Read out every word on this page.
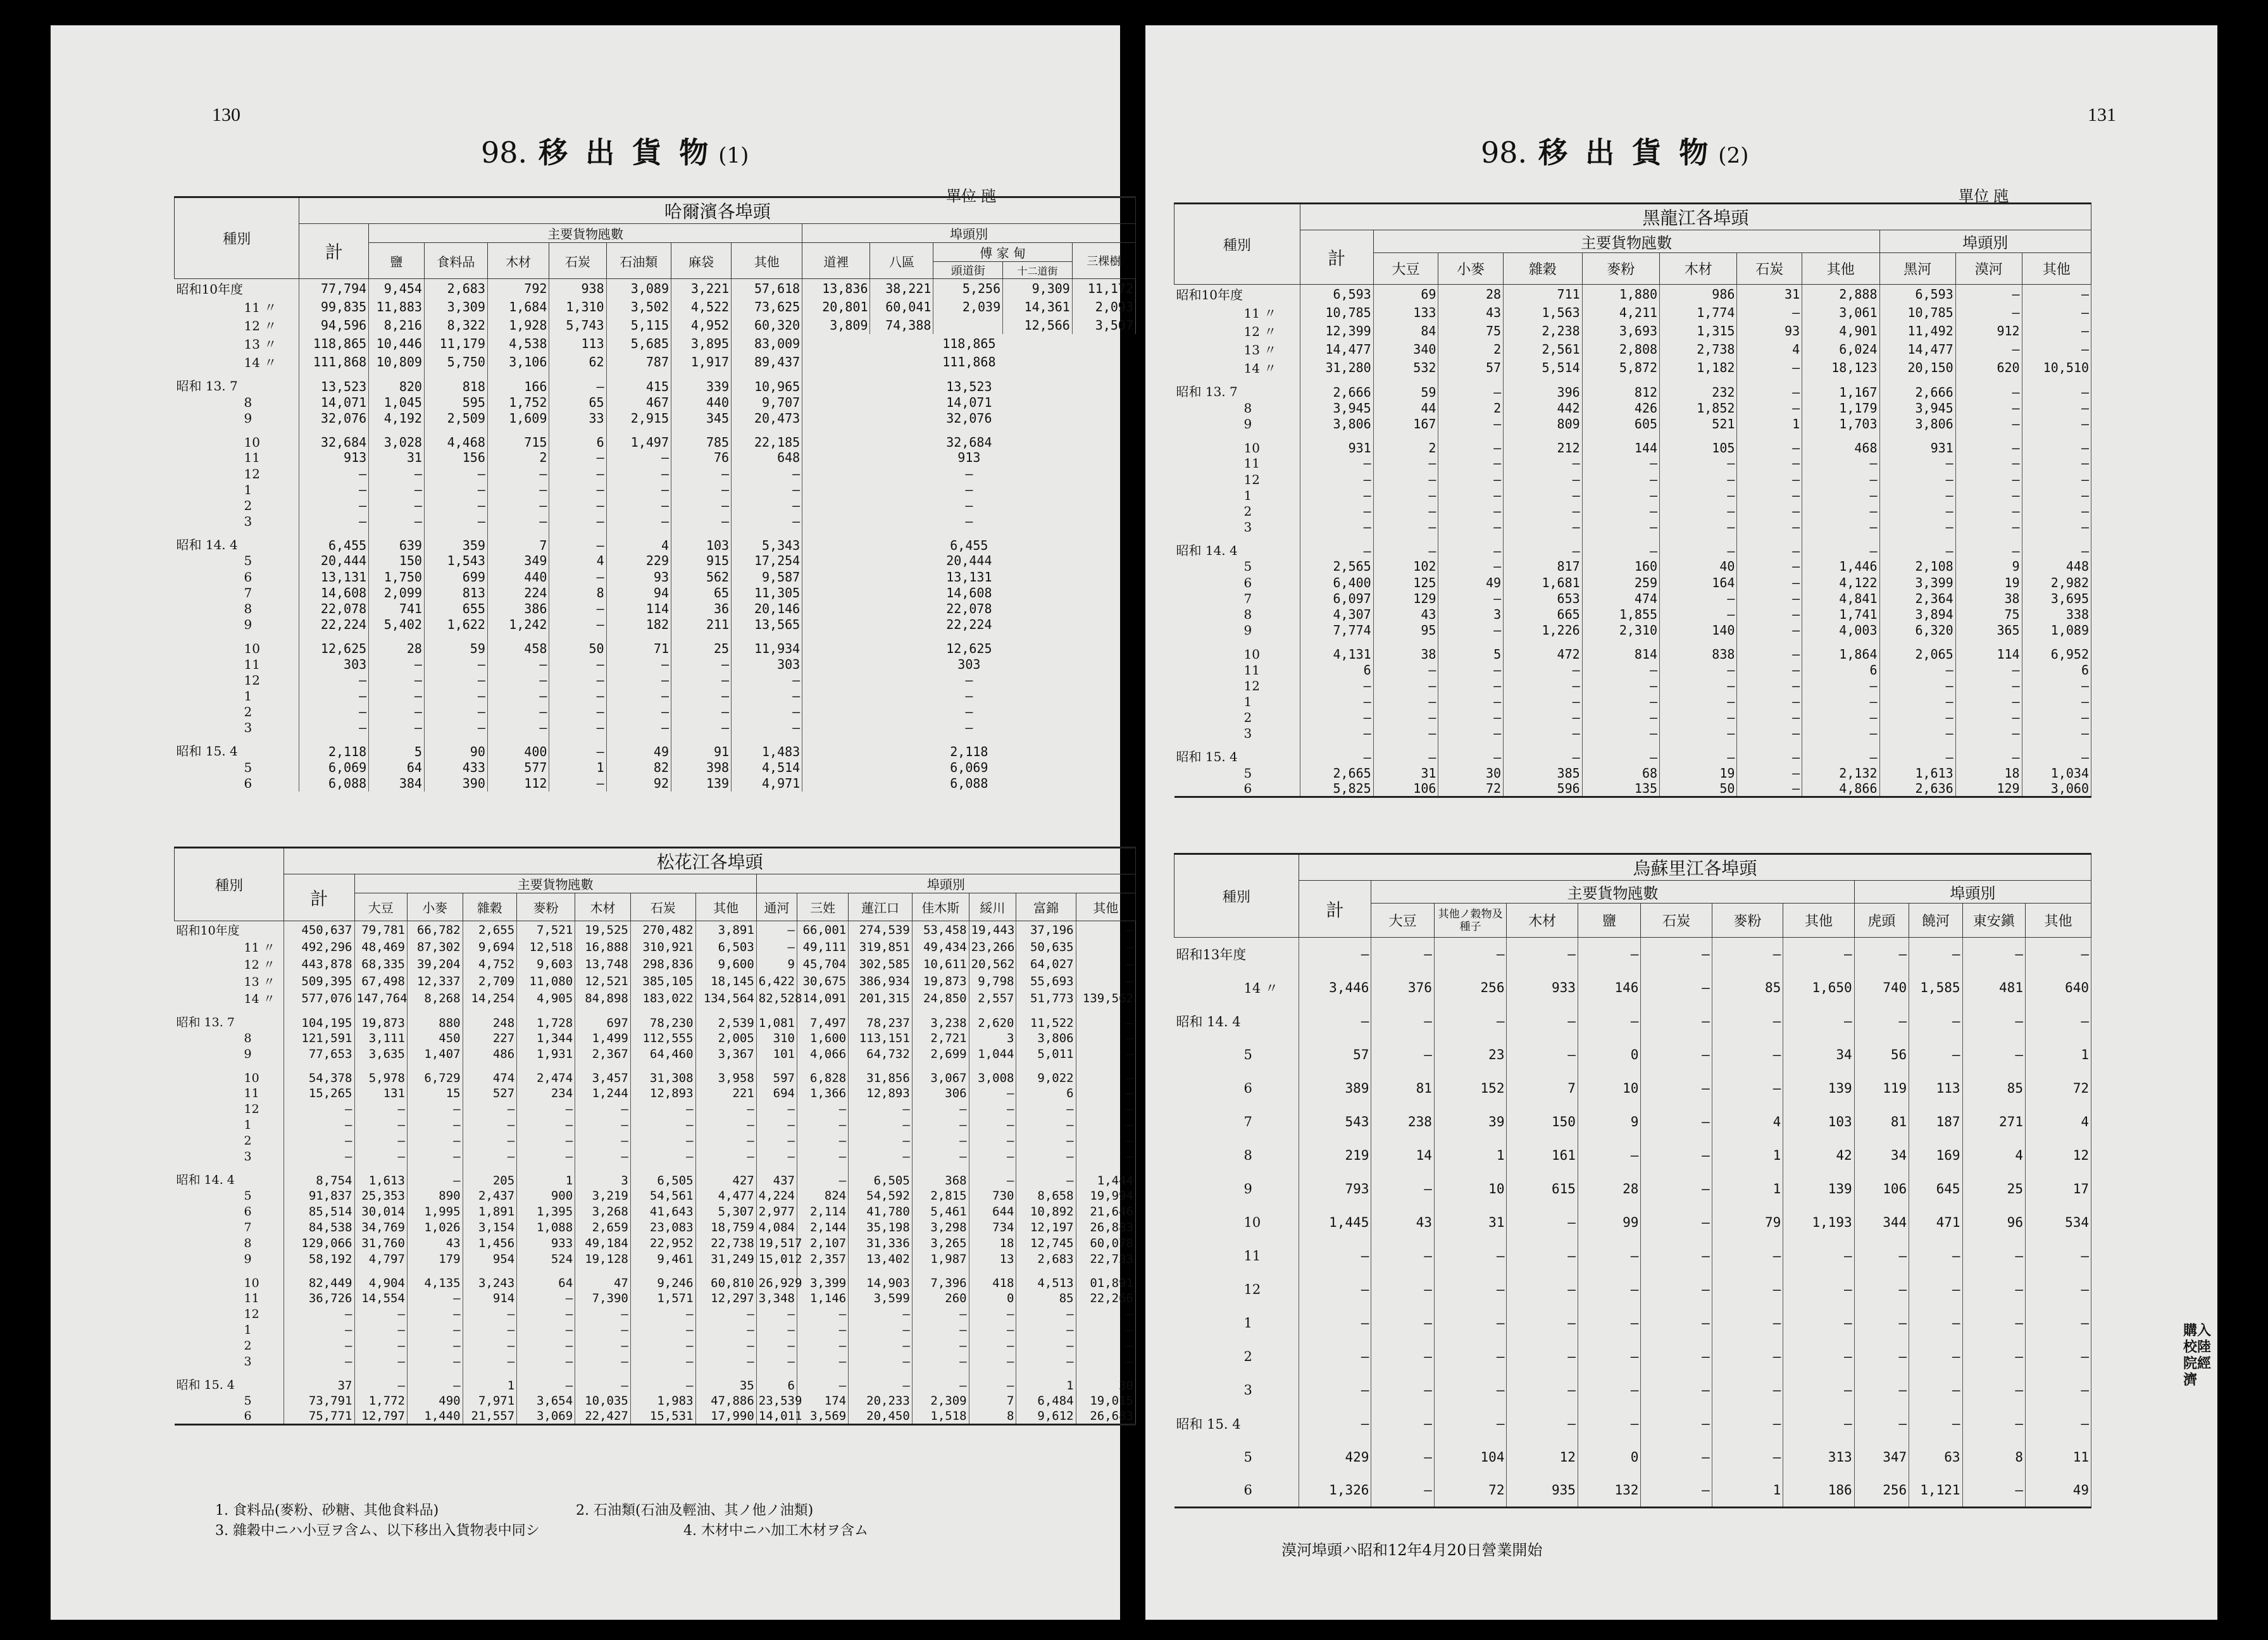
130
98. 移 出 貨 物 (1)
單位 瓲
種別	哈爾濱各埠頭												
	計	主要貨物瓲數							埠頭別				
		鹽	食料品	木材	石炭	石油類	麻袋	其他	道裡	八區	傅 家 甸		三棵樹
											頭道街	十二道街	
昭和10年度	77,794	9,454	2,683	792	938	3,089	3,221	57,618	13,836	38,221	5,256	9,309	11,172
11 〃	99,835	11,883	3,309	1,684	1,310	3,502	4,522	73,625	20,801	60,041	2,039	14,361	2,093
12 〃	94,596	8,216	8,322	1,928	5,743	5,115	4,952	60,320	3,809	74,388		12,566	3,507
13 〃	118,865	10,446	11,179	4,538	113	5,685	3,895	83,009	118,865				
14 〃	111,868	10,809	5,750	3,106	62	787	1,917	89,437	111,868				
昭和 13. 7	13,523	820	818	166	—	415	339	10,965	13,523				
8	14,071	1,045	595	1,752	65	467	440	9,707	14,071				
9	32,076	4,192	2,509	1,609	33	2,915	345	20,473	32,076				
10	32,684	3,028	4,468	715	6	1,497	785	22,185	32,684				
11	913	31	156	2	—	—	76	648	913				
12	—	—	—	—	—	—	—	—	—				
1	—	—	—	—	—	—	—	—	—				
2	—	—	—	—	—	—	—	—	—				
3	—	—	—	—	—	—	—	—	—				
昭和 14. 4	6,455	639	359	7	—	4	103	5,343	6,455				
5	20,444	150	1,543	349	4	229	915	17,254	20,444				
6	13,131	1,750	699	440	—	93	562	9,587	13,131				
7	14,608	2,099	813	224	8	94	65	11,305	14,608				
8	22,078	741	655	386	—	114	36	20,146	22,078				
9	22,224	5,402	1,622	1,242	—	182	211	13,565	22,224				
10	12,625	28	59	458	50	71	25	11,934	12,625				
11	303	—	—	—	—	—	—	303	303				
12	—	—	—	—	—	—	—	—	—				
1	—	—	—	—	—	—	—	—	—				
2	—	—	—	—	—	—	—	—	—				
3	—	—	—	—	—	—	—	—	—				
昭和 15. 4	2,118	5	90	400	—	49	91	1,483	2,118				
5	6,069	64	433	577	1	82	398	4,514	6,069				
6	6,088	384	390	112	—	92	139	4,971	6,088				
種別	松花江各埠頭														
	計	主要貨物瓲數							埠頭別						
		大豆	小麥	雜穀	麥粉	木材	石炭	其他	通河	三姓	蓮江口	佳木斯	綏川	富錦	其他
昭和10年度	450,637	79,781	66,782	2,655	7,521	19,525	270,482	3,891	—	66,001	274,539	53,458	19,443	37,196	—
11 〃	492,296	48,469	87,302	9,694	12,518	16,888	310,921	6,503	—	49,111	319,851	49,434	23,266	50,635	—
12 〃	443,878	68,335	39,204	4,752	9,603	13,748	298,836	9,600	9	45,704	302,585	10,611	20,562	64,027	—
13 〃	509,395	67,498	12,337	2,709	11,080	12,521	385,105	18,145	6,422	30,675	386,934	19,873	9,798	55,693	—
14 〃	577,076	147,764	8,268	14,254	4,905	84,898	183,022	134,564	82,528	14,091	201,315	24,850	2,557	51,773	139,562
昭和 13. 7	104,195	19,873	880	248	1,728	697	78,230	2,539	1,081	7,497	78,237	3,238	2,620	11,522	—
8	121,591	3,111	450	227	1,344	1,499	112,555	2,005	310	1,600	113,151	2,721	3	3,806	—
9	77,653	3,635	1,407	486	1,931	2,367	64,460	3,367	101	4,066	64,732	2,699	1,044	5,011	—
10	54,378	5,978	6,729	474	2,474	3,457	31,308	3,958	597	6,828	31,856	3,067	3,008	9,022	—
11	15,265	131	15	527	234	1,244	12,893	221	694	1,366	12,893	306	—	6	—
12	—	—	—	—	—	—	—	—	—	—	—	—	—	—	—
1	—	—	—	—	—	—	—	—	—	—	—	—	—	—	—
2	—	—	—	—	—	—	—	—	—	—	—	—	—	—	—
3	—	—	—	—	—	—	—	—	—	—	—	—	—	—	—
昭和 14. 4	8,754	1,613	—	205	1	3	6,505	427	437	—	6,505	368	—	—	1,444
5	91,837	25,353	890	2,437	900	3,219	54,561	4,477	4,224	824	54,592	2,815	730	8,658	19,994
6	85,514	30,014	1,995	1,891	1,395	3,268	41,643	5,307	2,977	2,114	41,780	5,461	644	10,892	21,646
7	84,538	34,769	1,026	3,154	1,088	2,659	23,083	18,759	4,084	2,144	35,198	3,298	734	12,197	26,883
8	129,066	31,760	43	1,456	933	49,184	22,952	22,738	19,517	2,107	31,336	3,265	18	12,745	60,078
9	58,192	4,797	179	954	524	19,128	9,461	31,249	15,012	2,357	13,402	1,987	13	2,683	22,733
10	82,449	4,904	4,135	3,243	64	47	9,246	60,810	26,929	3,399	14,903	7,396	418	4,513	01,891
11	36,726	14,554	—	914	—	7,390	1,571	12,297	3,348	1,146	3,599	260	0	85	22,266
12	—	—	—	—	—	—	—	—	—	—	—	—	—	—	—
1	—	—	—	—	—	—	—	—	—	—	—	—	—	—	—
2	—	—	—	—	—	—	—	—	—	—	—	—	—	—	—
3	—	—	—	—	—	—	—	—	—	—	—	—	—	—	—
昭和 15. 4	37	—	—	1	—	—	—	35	6	—	—	—	—	1	30
5	73,791	1,772	490	7,971	3,654	10,035	1,983	47,886	23,539	174	20,233	2,309	7	6,484	19,015
6	75,771	12,797	1,440	21,557	3,069	22,427	15,531	17,990	14,011	3,569	20,450	1,518	8	9,612	26,683
1. 食料品(麥粉、砂糖、其他食料品)	2. 石油類(石油及輕油、其ノ他ノ油類)
3. 雜穀中ニハ小豆ヲ含ム、以下移出入貨物表中同シ	4. 木材中ニハ加工木材ヲ含ム
131
98. 移 出 貨 物 (2)
單位 瓲
種別	黑龍江各埠頭										
	計	主要貨物瓲數							埠頭別		
		大豆	小麥	雜穀	麥粉	木材	石炭	其他	黑河	漠河	其他
昭和10年度	6,593	69	28	711	1,880	986	31	2,888	6,593	—	—
11 〃	10,785	133	43	1,563	4,211	1,774	—	3,061	10,785	—	—
12 〃	12,399	84	75	2,238	3,693	1,315	93	4,901	11,492	912	—
13 〃	14,477	340	2	2,561	2,808	2,738	4	6,024	14,477	—	—
14 〃	31,280	532	57	5,514	5,872	1,182	—	18,123	20,150	620	10,510
昭和 13. 7	2,666	59	—	396	812	232	—	1,167	2,666	—	—
8	3,945	44	2	442	426	1,852	—	1,179	3,945	—	—
9	3,806	167	—	809	605	521	1	1,703	3,806	—	—
10	931	2	—	212	144	105	—	468	931	—	—
11	—	—	—	—	—	—	—	—	—	—	—
12	—	—	—	—	—	—	—	—	—	—	—
1	—	—	—	—	—	—	—	—	—	—	—
2	—	—	—	—	—	—	—	—	—	—	—
3	—	—	—	—	—	—	—	—	—	—	—
昭和 14. 4	—	—	—	—	—	—	—	—	—	—	—
5	2,565	102	—	817	160	40	—	1,446	2,108	9	448
6	6,400	125	49	1,681	259	164	—	4,122	3,399	19	2,982
7	6,097	129	—	653	474	—	—	4,841	2,364	38	3,695
8	4,307	43	3	665	1,855	—	—	1,741	3,894	75	338
9	7,774	95	—	1,226	2,310	140	—	4,003	6,320	365	1,089
10	4,131	38	5	472	814	838	—	1,864	2,065	114	6,952
11	6	—	—	—	—	—	—	6	—	—	6
12	—	—	—	—	—	—	—	—	—	—	—
1	—	—	—	—	—	—	—	—	—	—	—
2	—	—	—	—	—	—	—	—	—	—	—
3	—	—	—	—	—	—	—	—	—	—	—
昭和 15. 4	—	—	—	—	—	—	—	—	—	—	—
5	2,665	31	30	385	68	19	—	2,132	1,613	18	1,034
6	5,825	106	72	596	135	50	—	4,866	2,636	129	3,060
種別	烏蘇里江各埠頭											
	計	主要貨物瓲數							埠頭別			
		大豆	其他ノ穀物及種子	木材	鹽	石炭	麥粉	其他	虎頭	饒河	東安鎭	其他
昭和13年度	—	—	—	—	—	—	—	—	—	—	—	—
14 〃	3,446	376	256	933	146	—	85	1,650	740	1,585	481	640
昭和 14. 4	—	—	—	—	—	—	—	—	—	—	—	—
5	57	—	23	—	0	—	—	34	56	—	—	1
6	389	81	152	7	10	—	—	139	119	113	85	72
7	543	238	39	150	9	—	4	103	81	187	271	4
8	219	14	1	161	—	—	1	42	34	169	4	12
9	793	—	10	615	28	—	1	139	106	645	25	17
10	1,445	43	31	—	99	—	79	1,193	344	471	96	534
11	—	—	—	—	—	—	—	—	—	—	—	—
12	—	—	—	—	—	—	—	—	—	—	—	—
1	—	—	—	—	—	—	—	—	—	—	—	—
2	—	—	—	—	—	—	—	—	—	—	—	—
3	—	—	—	—	—	—	—	—	—	—	—	—
昭和 15. 4	—	—	—	—	—	—	—	—	—	—	—	—
5	429	—	104	12	0	—	—	313	347	63	8	11
6	1,326	—	72	935	132	—	1	186	256	1,121	—	49
漠河埠頭ハ昭和12年4月20日營業開始
購入校陸院經濟
